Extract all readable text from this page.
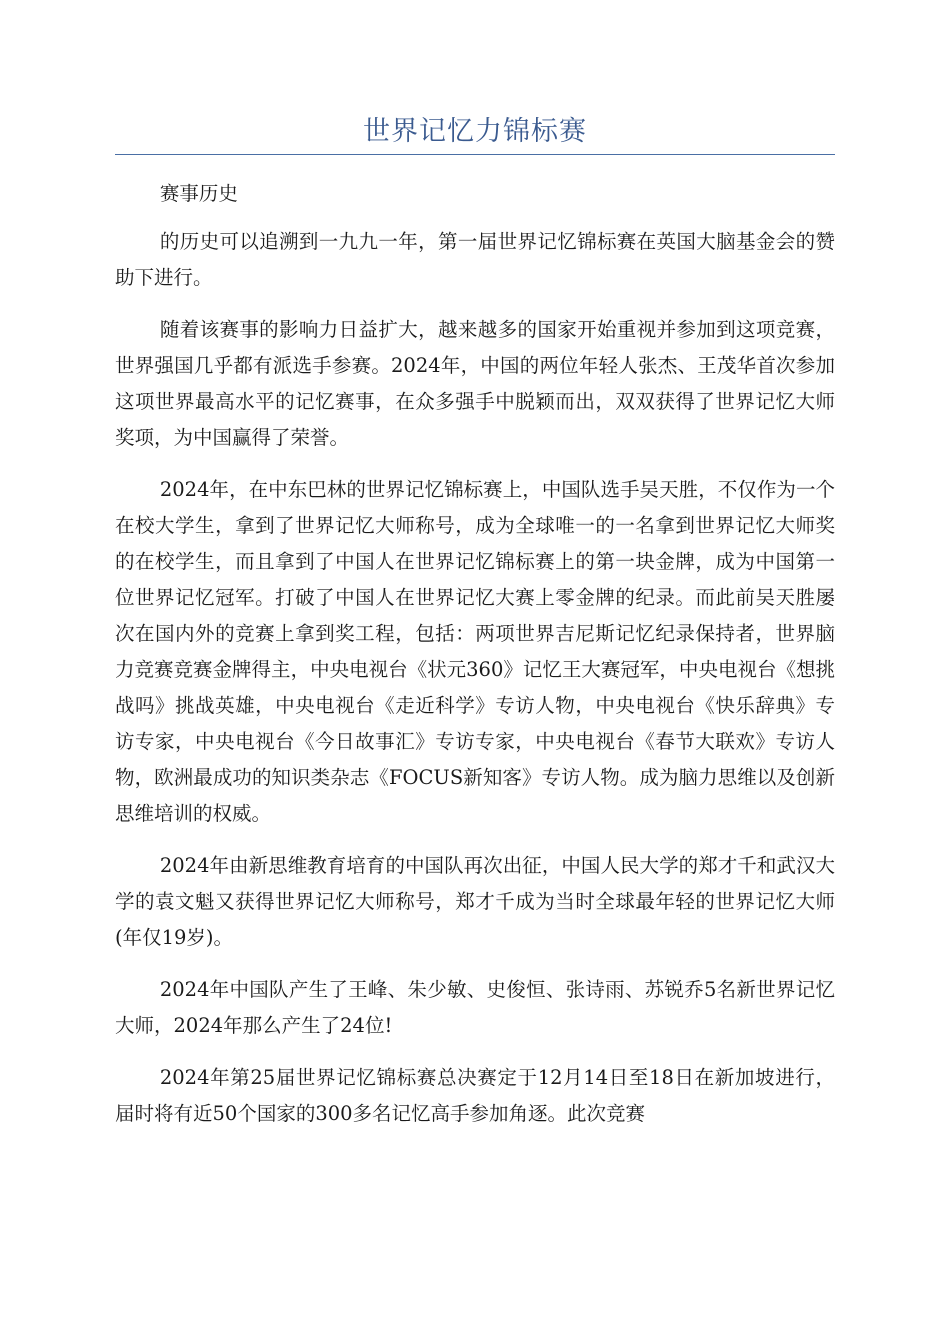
世界记忆力锦标赛

赛事历史

的历史可以追溯到一九九一年，第一届世界记忆锦标赛在英国大脑基金会的赞助下进行。

随着该赛事的影响力日益扩大，越来越多的国家开始重视并参加到这项竞赛，世界强国几乎都有派选手参赛。2024年，中国的两位年轻人张杰、王茂华首次参加这项世界最高水平的记忆赛事，在众多强手中脱颖而出，双双获得了世界记忆大师奖项，为中国赢得了荣誉。

2024年，在中东巴林的世界记忆锦标赛上，中国队选手吴天胜，不仅作为一个在校大学生，拿到了世界记忆大师称号，成为全球唯一的一名拿到世界记忆大师奖的在校学生，而且拿到了中国人在世界记忆锦标赛上的第一块金牌，成为中国第一位世界记忆冠军。打破了中国人在世界记忆大赛上零金牌的纪录。而此前吴天胜屡次在国内外的竞赛上拿到奖工程，包括：两项世界吉尼斯记忆纪录保持者，世界脑力竞赛竞赛金牌得主，中央电视台《状元360》记忆王大赛冠军，中央电视台《想挑战吗》挑战英雄，中央电视台《走近科学》专访人物，中央电视台《快乐辞典》专访专家，中央电视台《今日故事汇》专访专家，中央电视台《春节大联欢》专访人物，欧洲最成功的知识类杂志《FOCUS新知客》专访人物。成为脑力思维以及创新思维培训的权威。

2024年由新思维教育培育的中国队再次出征，中国人民大学的郑才千和武汉大学的袁文魁又获得世界记忆大师称号，郑才千成为当时全球最年轻的世界记忆大师(年仅19岁)。

2024年中国队产生了王峰、朱少敏、史俊恒、张诗雨、苏锐乔5名新世界记忆大师，2024年那么产生了24位!

2024年第25届世界记忆锦标赛总决赛定于12月14日至18日在新加坡进行，届时将有近50个国家的300多名记忆高手参加角逐。此次竞赛
